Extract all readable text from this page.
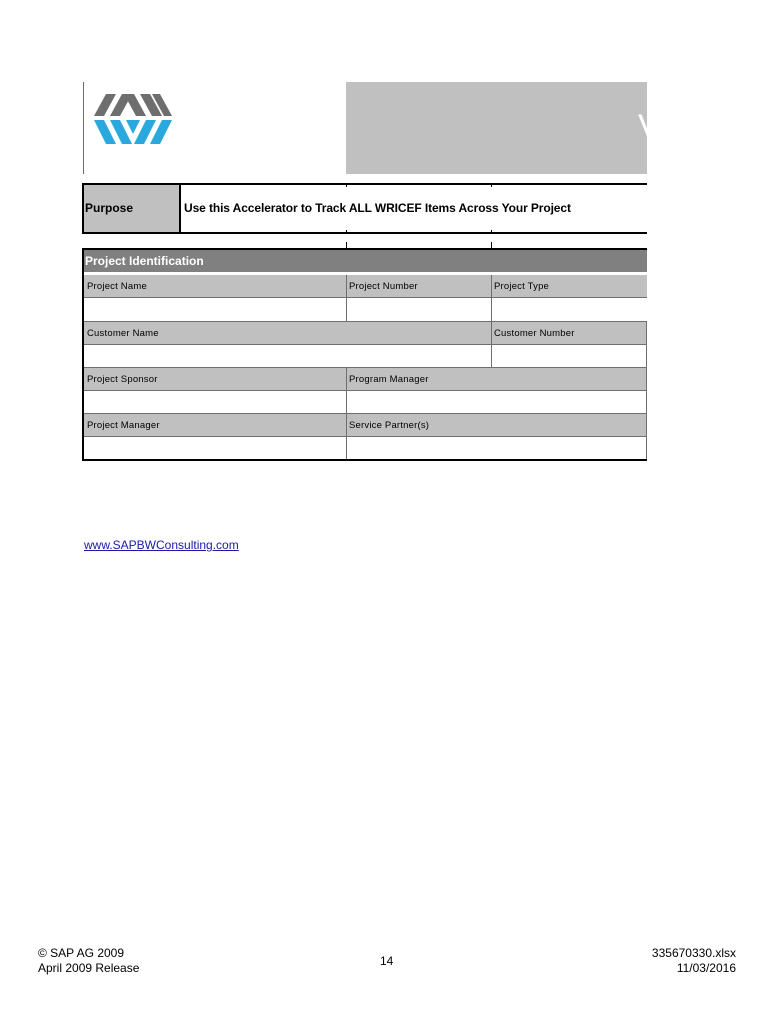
V
Purpose	Use this Accelerator to Track ALL WRICEF Items Across Your Project
Project Identification
Project Name	Project Number	Project Type
Customer Name	Customer Number
Project Sponsor	Program Manager
Project Manager	Service Partner(s)
www.SAPBWConsulting.com
© SAP AG 2009
April 2009 Release	14
335670330.xlsx
11/03/2016
